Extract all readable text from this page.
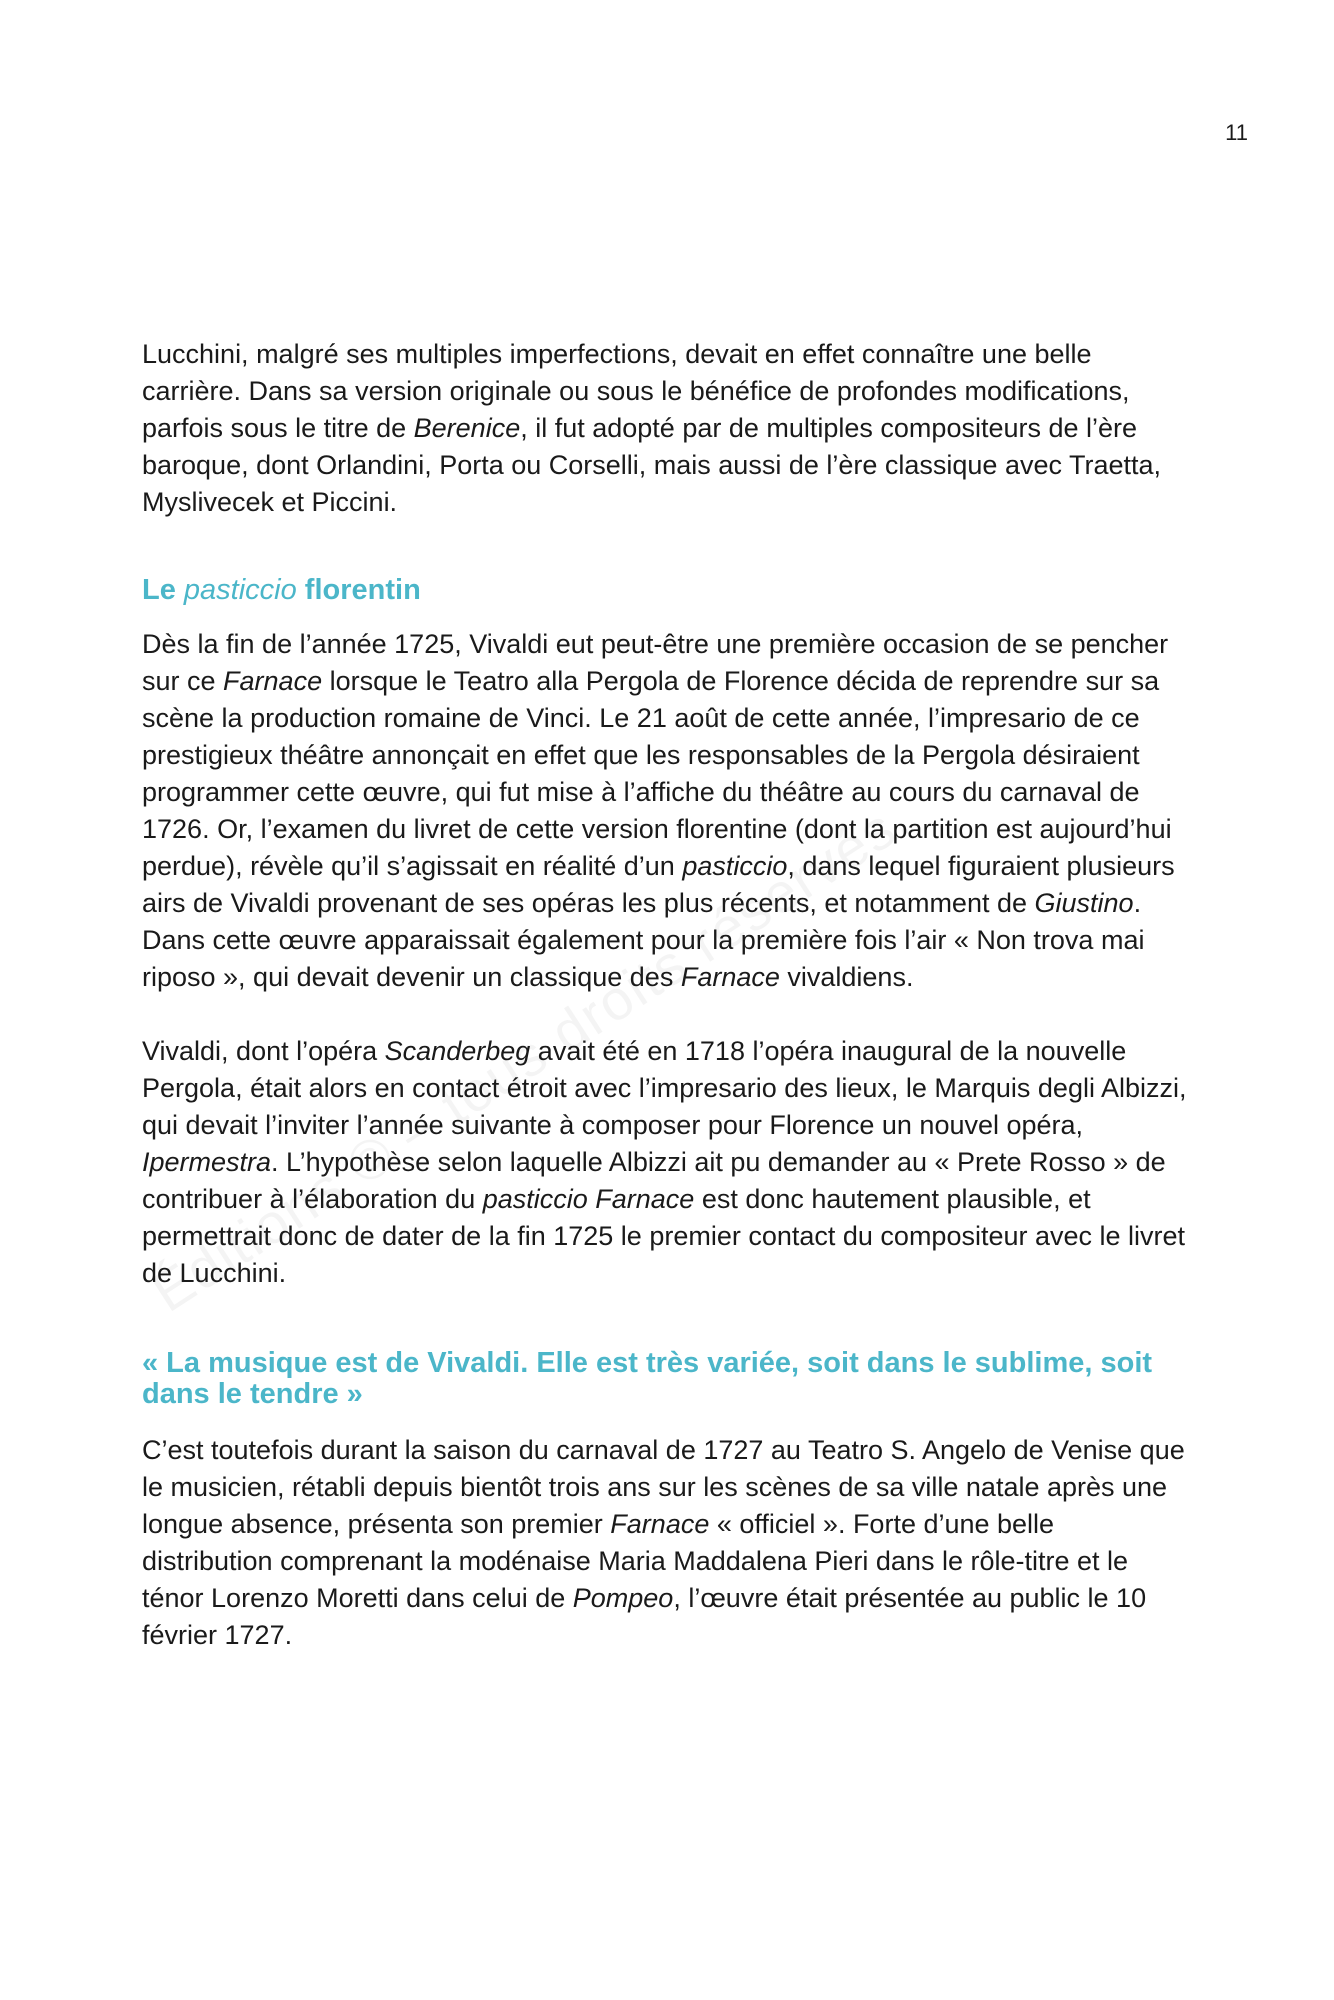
11

Lucchini, malgré ses multiples imperfections, devait en effet connaître une belle carrière. Dans sa version originale ou sous le bénéfice de profondes modifications, parfois sous le titre de Berenice, il fut adopté par de multiples compositeurs de l’ère baroque, dont Orlandini, Porta ou Corselli, mais aussi de l’ère classique avec Traetta, Myslivecek et Piccini.

Le pasticcio florentin

Dès la fin de l’année 1725, Vivaldi eut peut-être une première occasion de se pencher sur ce Farnace lorsque le Teatro alla Pergola de Florence décida de reprendre sur sa scène la production romaine de Vinci. Le 21 août de cette année, l’impresario de ce prestigieux théâtre annonçait en effet que les responsables de la Pergola désiraient programmer cette œuvre, qui fut mise à l’affiche du théâtre au cours du carnaval de 1726. Or, l’examen du livret de cette version florentine (dont la partition est aujourd’hui perdue), révèle qu’il s’agissait en réalité d’un pasticcio, dans lequel figuraient plusieurs airs de Vivaldi provenant de ses opéras les plus récents, et notamment de Giustino. Dans cette œuvre apparaissait également pour la première fois l’air « Non trova mai riposo », qui devait devenir un classique des Farnace vivaldiens.

Vivaldi, dont l’opéra Scanderbeg avait été en 1718 l’opéra inaugural de la nouvelle Pergola, était alors en contact étroit avec l’impresario des lieux, le Marquis degli Albizzi, qui devait l’inviter l’année suivante à composer pour Florence un nouvel opéra, Ipermestra. L’hypothèse selon laquelle Albizzi ait pu demander au « Prete Rosso » de contribuer à l’élaboration du pasticcio Farnace est donc hautement plausible, et permettrait donc de dater de la fin 1725 le premier contact du compositeur avec le livret de Lucchini.

« La musique est de Vivaldi. Elle est très variée, soit dans le sublime, soit dans le tendre »

C’est toutefois durant la saison du carnaval de 1727 au Teatro S. Angelo de Venise que le musicien, rétabli depuis bientôt trois ans sur les scènes de sa ville natale après une longue absence, présenta son premier Farnace « officiel ». Forte d’une belle distribution comprenant la modénaise Maria Maddalena Pieri dans le rôle-titre et le ténor Lorenzo Moretti dans celui de Pompeo, l’œuvre était présentée au public le 10 février 1727.
